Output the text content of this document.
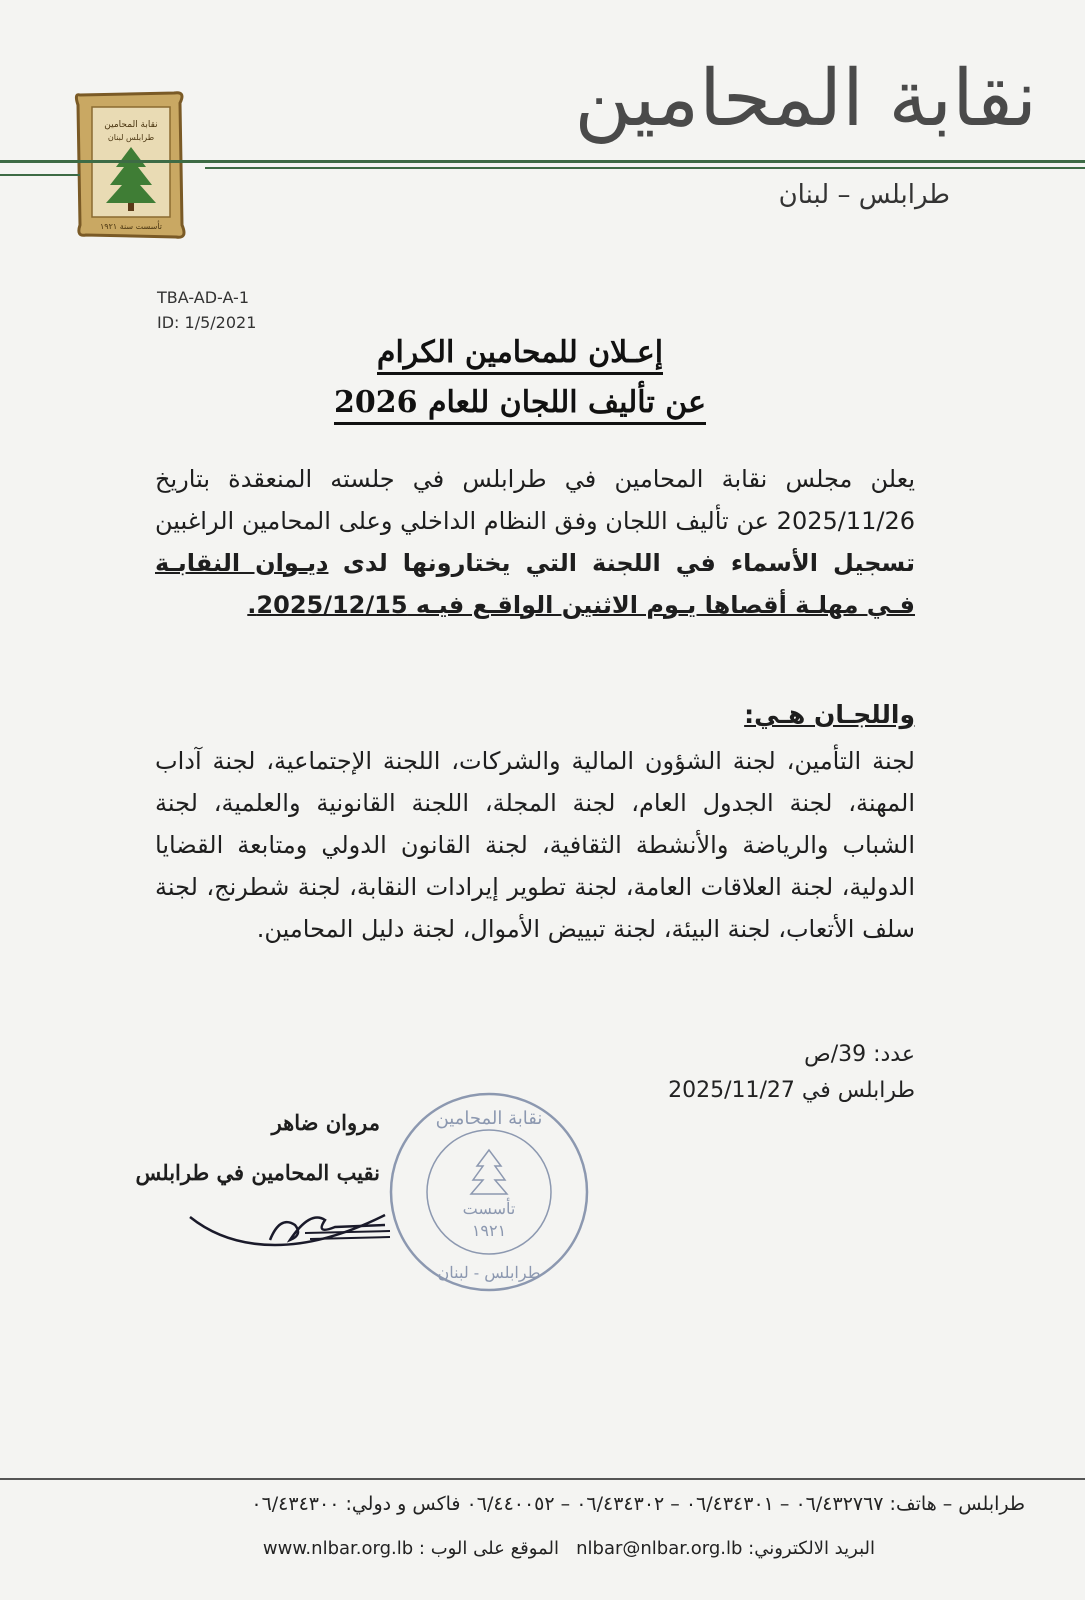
نقابة المحامين
طرابلس لبنان
تأسست سنة ١٩٢١
نقابة المحامين
طرابلس – لبنان
TBA-AD-A-1
ID: 1/5/2021
إعـلان للمحامين الكرام
عن تأليف اللجان للعام 2026
يعلن مجلس نقابة المحامين في طرابلس في جلسته المنعقدة بتاريخ 2025/11/26 عن تأليف اللجان وفق النظام الداخلي وعلى المحامين الراغبين تسجيل الأسماء في اللجنة التي يختارونها لدى ديـوان النقابـة فـي مهلـة أقصاها يـوم الاثنين الواقـع فيـه 2025/12/15.
واللجـان هـي:
لجنة التأمين، لجنة الشؤون المالية والشركات، اللجنة الإجتماعية، لجنة آداب المهنة، لجنة الجدول العام، لجنة المجلة، اللجنة القانونية والعلمية، لجنة الشباب والرياضة والأنشطة الثقافية، لجنة القانون الدولي ومتابعة القضايا الدولية، لجنة العلاقات العامة، لجنة تطوير إيرادات النقابة، لجنة شطرنج، لجنة سلف الأتعاب، لجنة البيئة، لجنة تبييض الأموال، لجنة دليل المحامين.
عدد: 39/ص
طرابلس في 2025/11/27
مروان ضاهر
نقيب المحامين في طرابلس
نقابة المحامين
تأسست
١٩٢١
طرابلس - لبنان
طرابلس – هاتف: ٠٦/٤٣٢٧٦٧ – ٠٦/٤٣٤٣٠١ – ٠٦/٤٣٤٣٠٢ – ٠٦/٤٤٠٠٥٢ فاكس و دولي: ٠٦/٤٣٤٣٠٠
البريد الالكتروني: nlbar@nlbar.org.lb   الموقع على الوب : www.nlbar.org.lb
